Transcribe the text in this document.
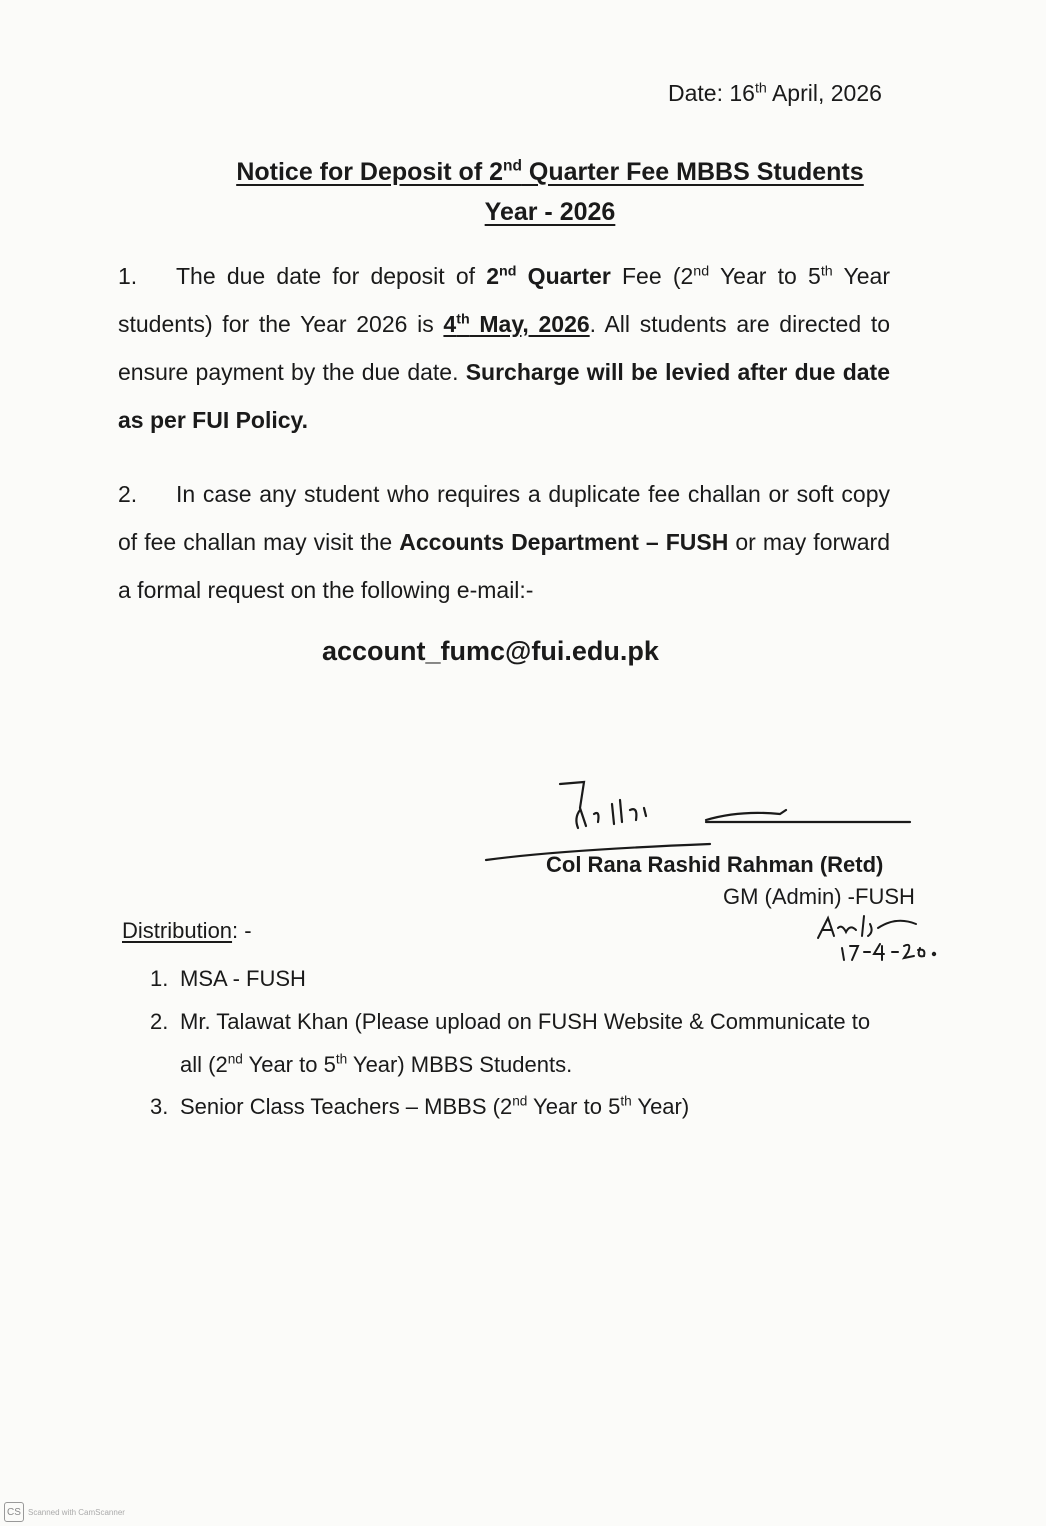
Date: 16th April, 2026
Notice for Deposit of 2nd Quarter Fee MBBS Students
Year - 2026
1. The due date for deposit of 2nd Quarter Fee (2nd Year to 5th Year students) for the Year 2026 is 4th May, 2026. All students are directed to ensure payment by the due date. Surcharge will be levied after due date as per FUI Policy.
2. In case any student who requires a duplicate fee challan or soft copy of fee challan may visit the Accounts Department – FUSH or may forward a formal request on the following e-mail:-
account_fumc@fui.edu.pk
Col Rana Rashid Rahman (Retd)
GM (Admin) -FUSH
Distribution: -
1. MSA - FUSH
2. Mr. Talawat Khan (Please upload on FUSH Website & Communicate to all (2nd Year to 5th Year) MBBS Students.
3. Senior Class Teachers – MBBS (2nd Year to 5th Year)
CS Scanned with CamScanner
